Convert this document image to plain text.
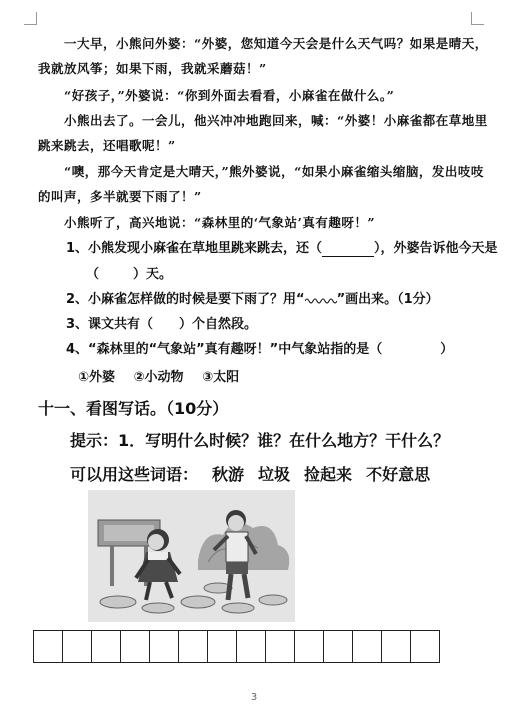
一大早，小熊问外婆：“外婆，您知道今天会是什么天气吗？如果是晴天，
我就放风筝；如果下雨，我就采蘑菇！”
“好孩子，”外婆说：“你到外面去看看，小麻雀在做什么。”
小熊出去了。一会儿，他兴冲冲地跑回来，喊：“外婆！小麻雀都在草地里
跳来跳去，还唱歌呢！”
“噢，那今天肯定是大晴天，”熊外婆说，“如果小麻雀缩头缩脑，发出吱吱
的叫声，多半就要下雨了！”
小熊听了，高兴地说：“森林里的‘气象站’真有趣呀！”
1、小熊发现小麻雀在草地里跳来跳去，还（	），外婆告诉他今天是
（	）天。
2、小麻雀怎样做的时候是要下雨了？用“ ”画出来。（1分）
3、课文共有（ ）个自然段。
4、“森林里的“气象站”真有趣呀！”中气象站指的是（	）
①外婆 ②小动物 ③太阳
十一、看图写话。（10分）
提示：1．写明什么时候？谁？在什么地方？干什么？
可以用这些词语： 秋游 垃圾 捡起来 不好意思
3
